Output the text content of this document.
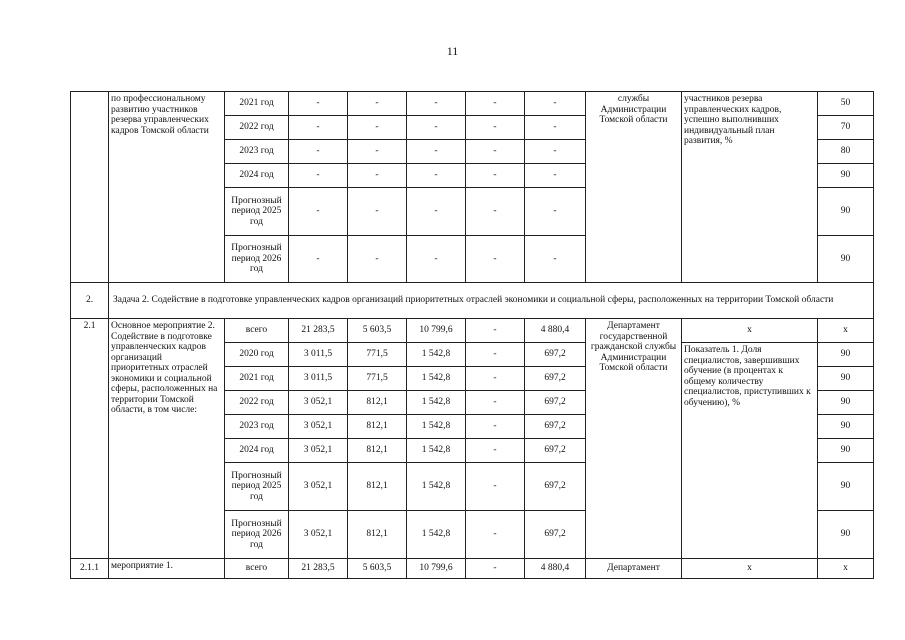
11
	по профессиональному развитию участников резерва управленческих кадров Томской области	2021 год	-	-	-	-	-	службы Администрации Томской области	участников резерва управленческих кадров, успешно выполнивших индивидуальный план развития, %	50
		2022 год	-	-	-	-	-			70
		2023 год	-	-	-	-	-			80
		2024 год	-	-	-	-	-			90
		Прогнозный период 2025 год	-	-	-	-	-			90
		Прогнозный период 2026 год	-	-	-	-	-			90
2.	Задача 2. Содействие в подготовке управленческих кадров организаций приоритетных отраслей экономики и социальной сферы, расположенных на территории Томской области									
2.1	Основное мероприятие 2. Содействие в подготовке управленческих кадров организаций приоритетных отраслей экономики и социальной сферы, расположенных на территории Томской области, в том числе:	всего	21 283,5	5 603,5	10 799,6	-	4 880,4	Департамент государственной гражданской службы Администрации Томской области	x	x
		2020 год	3 011,5	771,5	1 542,8	-	697,2		Показатель 1. Доля специалистов, завершивших обучение (в процентах к общему количеству специалистов, приступивших к обучению), %	90
		2021 год	3 011,5	771,5	1 542,8	-	697,2			90
		2022 год	3 052,1	812,1	1 542,8	-	697,2			90
		2023 год	3 052,1	812,1	1 542,8	-	697,2			90
		2024 год	3 052,1	812,1	1 542,8	-	697,2			90
		Прогнозный период 2025 год	3 052,1	812,1	1 542,8	-	697,2			90
		Прогнозный период 2026 год	3 052,1	812,1	1 542,8	-	697,2			90
2.1.1	мероприятие 1.	всего	21 283,5	5 603,5	10 799,6	-	4 880,4	Департамент	x	x
